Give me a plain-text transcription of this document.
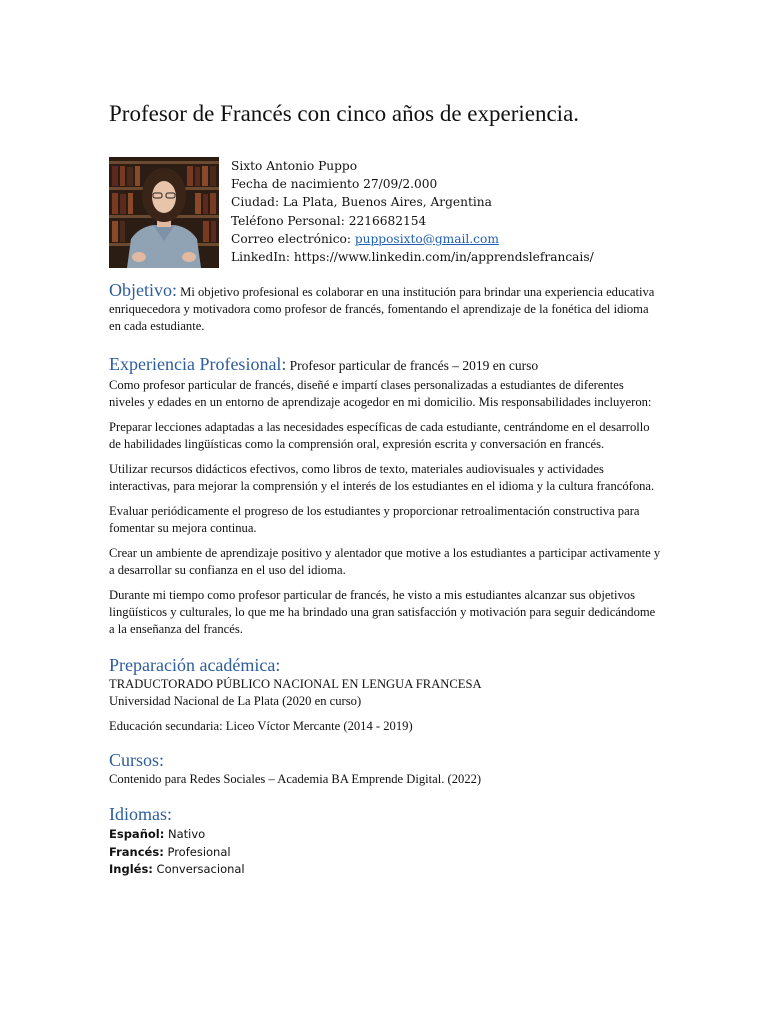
Profesor de Francés con cinco años de experiencia.
Sixto Antonio Puppo
Fecha de nacimiento 27/09/2.000
Ciudad: La Plata, Buenos Aires, Argentina
Teléfono Personal: 2216682154
Correo electrónico: pupposixto@gmail.com
LinkedIn: https://www.linkedin.com/in/apprendslefrancais/

Objetivo: Mi objetivo profesional es colaborar en una institución para brindar una experiencia educativa enriquecedora y motivadora como profesor de francés, fomentando el aprendizaje de la fonética del idioma en cada estudiante.

Experiencia Profesional: Profesor particular de francés – 2019 en curso

Como profesor particular de francés, diseñé e impartí clases personalizadas a estudiantes de diferentes niveles y edades en un entorno de aprendizaje acogedor en mi domicilio. Mis responsabilidades incluyeron:

Preparar lecciones adaptadas a las necesidades específicas de cada estudiante, centrándome en el desarrollo de habilidades lingüísticas como la comprensión oral, expresión escrita y conversación en francés.

Utilizar recursos didácticos efectivos, como libros de texto, materiales audiovisuales y actividades interactivas, para mejorar la comprensión y el interés de los estudiantes en el idioma y la cultura francófona.

Evaluar periódicamente el progreso de los estudiantes y proporcionar retroalimentación constructiva para fomentar su mejora continua.

Crear un ambiente de aprendizaje positivo y alentador que motive a los estudiantes a participar activamente y a desarrollar su confianza en el uso del idioma.

Durante mi tiempo como profesor particular de francés, he visto a mis estudiantes alcanzar sus objetivos lingüísticos y culturales, lo que me ha brindado una gran satisfacción y motivación para seguir dedicándome a la enseñanza del francés.

Preparación académica:

TRADUCTORADO PÚBLICO NACIONAL EN LENGUA FRANCESA

Universidad Nacional de La Plata (2020 en curso)

Educación secundaria: Liceo Víctor Mercante (2014 - 2019)

Cursos:

Contenido para Redes Sociales – Academia BA Emprende Digital. (2022)

Idiomas:
Español: Nativo
Francés: Profesional
Inglés: Conversacional
